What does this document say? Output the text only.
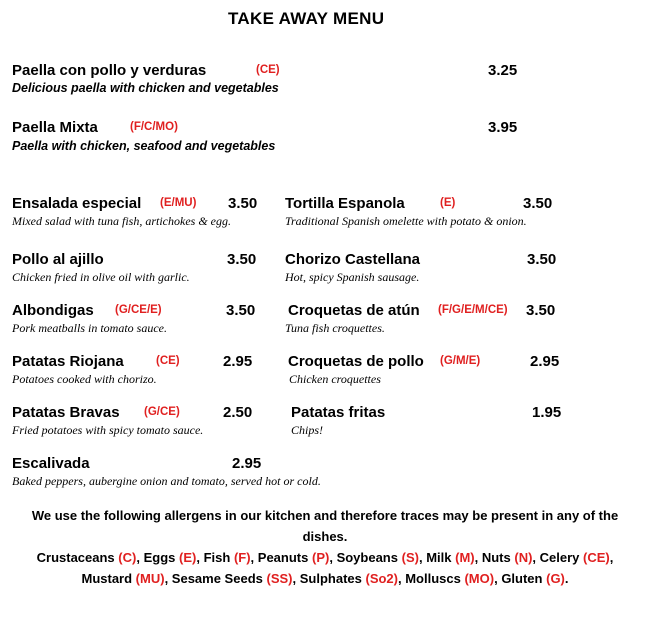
TAKE AWAY MENU
Paella con pollo y verduras	(CE)	3.25
Delicious paella with chicken and vegetables
Paella Mixta	(F/C/MO)	3.95
Paella with chicken, seafood and vegetables
Ensalada especial (E/MU) 3.50
Mixed salad with tuna fish, artichokes & egg.
Pollo al ajillo	3.50
Chicken fried in olive oil with garlic.
Albondigas (G/CE/E)	3.50
Pork meatballs in tomato sauce.
Patatas Riojana	(CE)	2.95
Potatoes cooked with chorizo.
Patatas Bravas (G/CE)	2.50
Fried potatoes with spicy tomato sauce.
Escalivada	2.95
Baked peppers, aubergine onion and tomato, served hot or cold.
Tortilla Espanola	(E)	3.50
Traditional Spanish omelette with potato & onion.
Chorizo Castellana	3.50
Hot, spicy Spanish sausage.
Croquetas de atún (F/G/E/M/CE) 3.50
Tuna fish croquettes.
Croquetas de pollo (G/M/E)	2.95
Chicken croquettes
Patatas fritas	1.95
Chips!
We use the following allergens in our kitchen and therefore traces may be present in any of the dishes.
Crustaceans (C), Eggs (E), Fish (F), Peanuts (P), Soybeans (S), Milk (M), Nuts (N), Celery (CE), Mustard (MU), Sesame Seeds (SS), Sulphates (So2), Molluscs (MO), Gluten (G).
